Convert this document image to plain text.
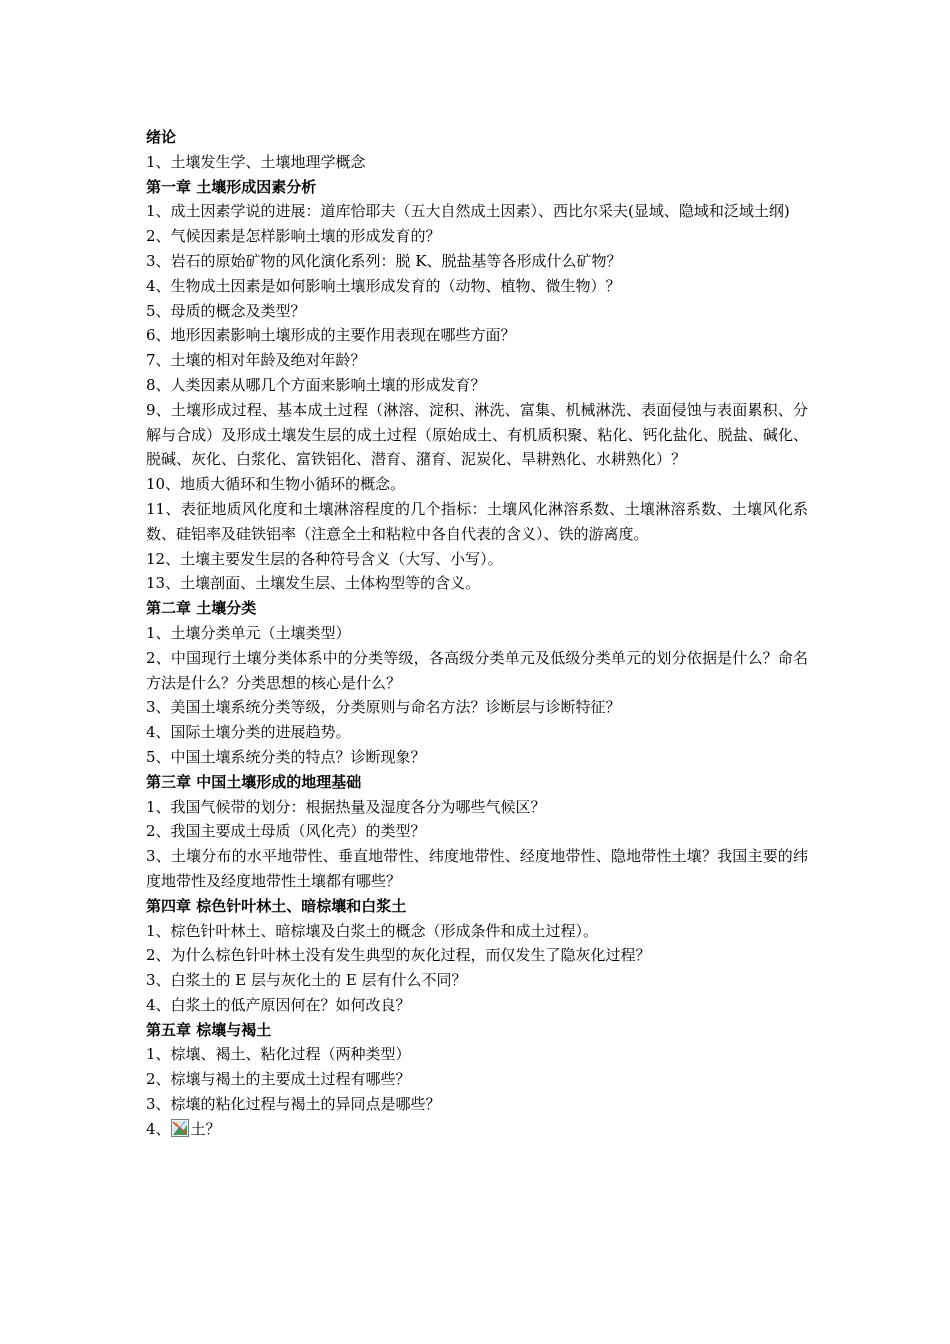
绪论

1、土壤发生学、土壤地理学概念

第一章 土壤形成因素分析

1、成土因素学说的进展：道库恰耶夫（五大自然成土因素）、西比尔采夫(显域、隐域和泛域土纲)

2、气候因素是怎样影响土壤的形成发育的？

3、岩石的原始矿物的风化演化系列：脱 K、脱盐基等各形成什么矿物？

4、生物成土因素是如何影响土壤形成发育的（动物、植物、微生物）？

5、母质的概念及类型？

6、地形因素影响土壤形成的主要作用表现在哪些方面？

7、土壤的相对年龄及绝对年龄？

8、人类因素从哪几个方面来影响土壤的形成发育？

9、土壤形成过程、基本成土过程（淋溶、淀积、淋洗、富集、机械淋洗、表面侵蚀与表面累积、分解与合成）及形成土壤发生层的成土过程（原始成土、有机质积聚、粘化、钙化盐化、脱盐、碱化、脱碱、灰化、白浆化、富铁铝化、潜育、潴育、泥炭化、旱耕熟化、水耕熟化）？

10、地质大循环和生物小循环的概念。

11、表征地质风化度和土壤淋溶程度的几个指标：土壤风化淋溶系数、土壤淋溶系数、土壤风化系数、硅铝率及硅铁铝率（注意全土和粘粒中各自代表的含义）、铁的游离度。

12、土壤主要发生层的各种符号含义（大写、小写）。

13、土壤剖面、土壤发生层、土体构型等的含义。

第二章 土壤分类

1、土壤分类单元（土壤类型）

2、中国现行土壤分类体系中的分类等级，各高级分类单元及低级分类单元的划分依据是什么？命名方法是什么？分类思想的核心是什么？

3、美国土壤系统分类等级，分类原则与命名方法？诊断层与诊断特征？

4、国际土壤分类的进展趋势。

5、中国土壤系统分类的特点？诊断现象？

第三章 中国土壤形成的地理基础

1、我国气候带的划分：根据热量及湿度各分为哪些气候区？

2、我国主要成土母质（风化壳）的类型？

3、土壤分布的水平地带性、垂直地带性、纬度地带性、经度地带性、隐地带性土壤？我国主要的纬度地带性及经度地带性土壤都有哪些？

第四章 棕色针叶林土、暗棕壤和白浆土

1、棕色针叶林土、暗棕壤及白浆土的概念（形成条件和成土过程）。

2、为什么棕色针叶林土没有发生典型的灰化过程，而仅发生了隐灰化过程？

3、白浆土的 E 层与灰化土的 E 层有什么不同？

4、白浆土的低产原因何在？如何改良？

第五章 棕壤与褐土

1、棕壤、褐土、粘化过程（两种类型）

2、棕壤与褐土的主要成土过程有哪些？

3、棕壤的粘化过程与褐土的异同点是哪些？

4、 土？
